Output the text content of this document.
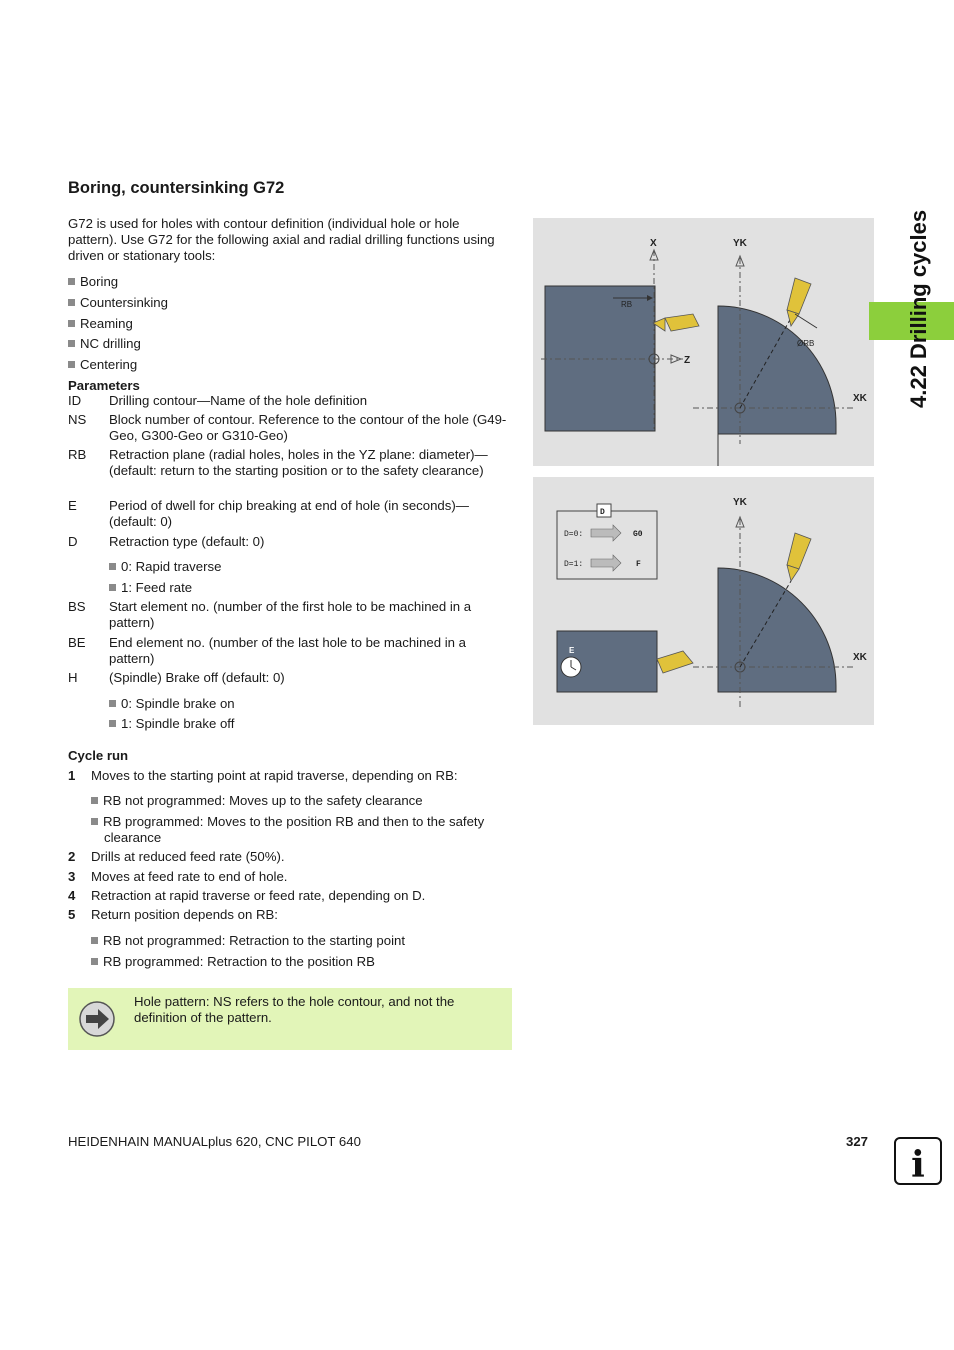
Boring, countersinking G72
G72 is used for holes with contour definition (individual hole or hole pattern). Use G72 for the following axial and radial drilling functions using driven or stationary tools:
Boring
Countersinking
Reaming
NC drilling
Centering
Parameters
ID Drilling contour—Name of the hole definition
NS Block number of contour. Reference to the contour of the hole (G49-Geo, G300-Geo or G310-Geo)
RB Retraction plane (radial holes, holes in the YZ plane: diameter)—(default: return to the starting position or to the safety clearance)
E Period of dwell for chip breaking at end of hole (in seconds)—(default: 0)
D Retraction type (default: 0)
0: Rapid traverse
1: Feed rate
BS Start element no. (number of the first hole to be machined in a pattern)
BE End element no. (number of the last hole to be machined in a pattern)
H (Spindle) Brake off (default: 0)
0: Spindle brake on
1: Spindle brake off
Cycle run
1 Moves to the starting point at rapid traverse, depending on RB:
RB not programmed: Moves up to the safety clearance
RB programmed: Moves to the position RB and then to the safety clearance
2 Drills at reduced feed rate (50%).
3 Moves at feed rate to end of hole.
4 Retraction at rapid traverse or feed rate, depending on D.
5 Return position depends on RB:
RB not programmed: Retraction to the starting point
RB programmed: Retraction to the position RB
Hole pattern: NS refers to the hole contour, and not the definition of the pattern.
X	YK
RB
Z
ØRB
XK
D
D=0:	G0
D=1:	F
E
YK
XK
4.22 Drilling cycles
HEIDENHAIN MANUALplus 620, CNC PILOT 640	327
i
